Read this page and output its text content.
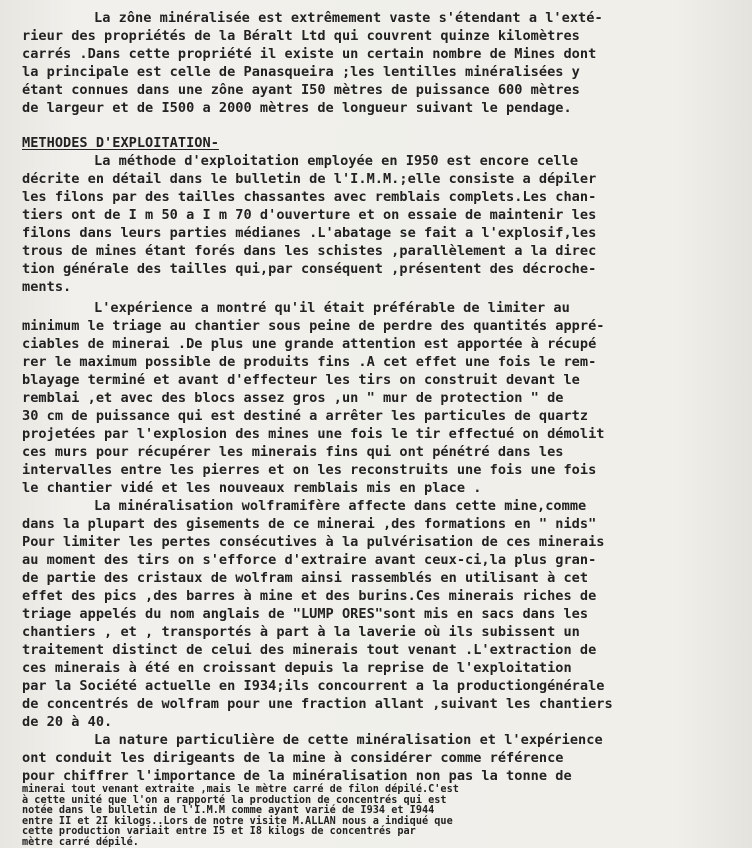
La zône minéralisée est extrêmement vaste s'étendant a l'exté-
rieur des propriétés de la Béralt Ltd qui couvrent quinze kilomètres
carrés .Dans cette propriété il existe un certain nombre de Mines dont
la principale est celle de Panasqueira ;les lentilles minéralisées y
étant connues dans une zône ayant I50 mètres de puissance 600 mètres
de largeur et de I500 a 2000 mètres de longueur suivant le pendage.
METHODES D'EXPLOITATION-
La méthode d'exploitation employée en I950 est encore celle
décrite en détail dans le bulletin de l'I.M.M.;elle consiste a dépiler
les filons par des tailles chassantes avec remblais complets.Les chan-
tiers ont de I m 50 a I m 70 d'ouverture et on essaie de maintenir les
filons dans leurs parties médianes .L'abatage se fait a l'explosif,les
trous de mines étant forés dans les schistes ,parallèlement a la direc
tion générale des tailles qui,par conséquent ,présentent des décroche-
ments.
L'expérience a montré qu'il était préférable de limiter au
minimum le triage au chantier sous peine de perdre des quantités appré-
ciables de minerai .De plus une grande attention est apportée à récupé
rer le maximum possible de produits fins .A cet effet une fois le rem-
blayage terminé et avant d'effecteur les tirs on construit devant le
remblai ,et avec des blocs assez gros ,un " mur de protection " de
30 cm de puissance qui est destiné a arrêter les particules de quartz
projetées par l'explosion des mines une fois le tir effectué on démolit
ces murs pour récupérer les minerais fins qui ont pénétré dans les
intervalles entre les pierres et on les reconstruits une fois une fois
le chantier vidé et les nouveaux remblais mis en place .
La minéralisation wolframifère affecte dans cette mine,comme
dans la plupart des gisements de ce minerai ,des formations en " nids"
Pour limiter les pertes consécutives à la pulvérisation de ces minerais
au moment des tirs on s'efforce d'extraire avant ceux-ci,la plus gran-
de partie des cristaux de wolfram ainsi rassemblés en utilisant à cet
effet des pics ,des barres à mine et des burins.Ces minerais riches de
triage appelés du nom anglais de "LUMP ORES"sont mis en sacs dans les
chantiers , et , transportés à part à la laverie où ils subissent un
traitement distinct de celui des minerais tout venant .L'extraction de
ces minerais à été en croissant depuis la reprise de l'exploitation
par la Société actuelle en I934;ils concourrent a la productiongénérale
de concentrés de wolfram pour une fraction allant ,suivant les chantiers
de 20 à 40.
La nature particulière de cette minéralisation et l'expérience
ont conduit les dirigeants de la mine à considérer comme référence
pour chiffrer l'importance de la minéralisation non pas la tonne de
minerai tout venant extraite ,mais le mètre carré de filon dépilé.C'est
à cette unité que l'on a rapporté la production de concentrés qui est
notée dans le bulletin de l'I.M.M comme ayant varié de I934 et I944
entre II et 2I kilogs..Lors de notre visite M.ALLAN nous a indiqué que
cette production variait entre I5 et I8 kilogs de concentrés par
mètre carré dépilé.
